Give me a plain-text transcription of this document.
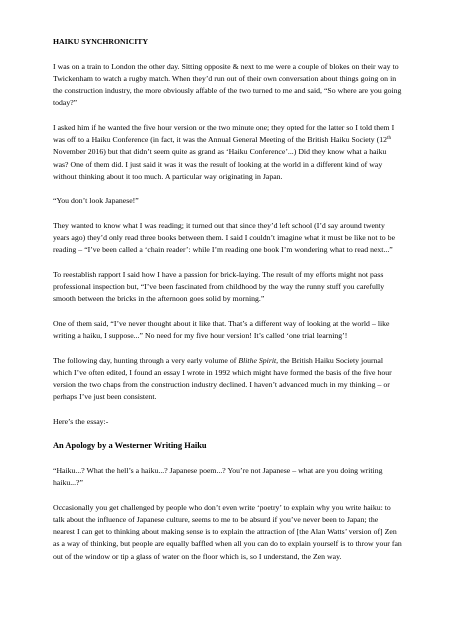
HAIKU SYNCHRONICITY

I was on a train to London the other day. Sitting opposite & next to me were a couple of blokes on their way to Twickenham to watch a rugby match. When they’d run out of their own conversation about things going on in the construction industry, the more obviously affable of the two turned to me and said, “So where are you going today?”

I asked him if he wanted the five hour version or the two minute one; they opted for the latter so I told them I was off to a Haiku Conference (in fact, it was the Annual General Meeting of the British Haiku Society (12th November 2016) but that didn’t seem quite as grand as ‘Haiku Conference’...) Did they know what a haiku was? One of them did. I just said it was it was the result of looking at the world in a different kind of way without thinking about it too much. A particular way originating in Japan.

“You don’t look Japanese!”

They wanted to know what I was reading; it turned out that since they’d left school (I’d say around twenty years ago) they’d only read three books between them. I said I couldn’t imagine what it must be like not to be reading – “I’ve been called a ‘chain reader’: while I’m reading one book I’m wondering what to read next...”

To reestablish rapport I said how I have a passion for brick-laying. The result of my efforts might not pass professional inspection but, “I’ve been fascinated from childhood by the way the runny stuff you carefully smooth between the bricks in the afternoon goes solid by morning.”

One of them said, “I’ve never thought about it like that. That’s a different way of looking at the world – like writing a haiku, I suppose...” No need for my five hour version! It’s called ‘one trial learning’!

The following day, hunting through a very early volume of Blithe Spirit, the British Haiku Society journal which I’ve often edited, I found an essay I wrote in 1992 which might have formed the basis of the five hour version the two chaps from the construction industry declined. I haven’t advanced much in my thinking – or perhaps I’ve just been consistent.

Here’s the essay:-

An Apology by a Westerner Writing Haiku

“Haiku...? What the hell’s a haiku...? Japanese poem...? You’re not Japanese – what are you doing writing haiku...?”

Occasionally you get challenged by people who don’t even write ‘poetry’ to explain why you write haiku: to talk about the influence of Japanese culture, seems to me to be absurd if you’ve never been to Japan; the nearest I can get to thinking about making sense is to explain the attraction of [the Alan Watts’ version of] Zen as a way of thinking, but people are equally baffled when all you can do to explain yourself is to throw your fan out of the window or tip a glass of water on the floor which is, so I understand, the Zen way.
